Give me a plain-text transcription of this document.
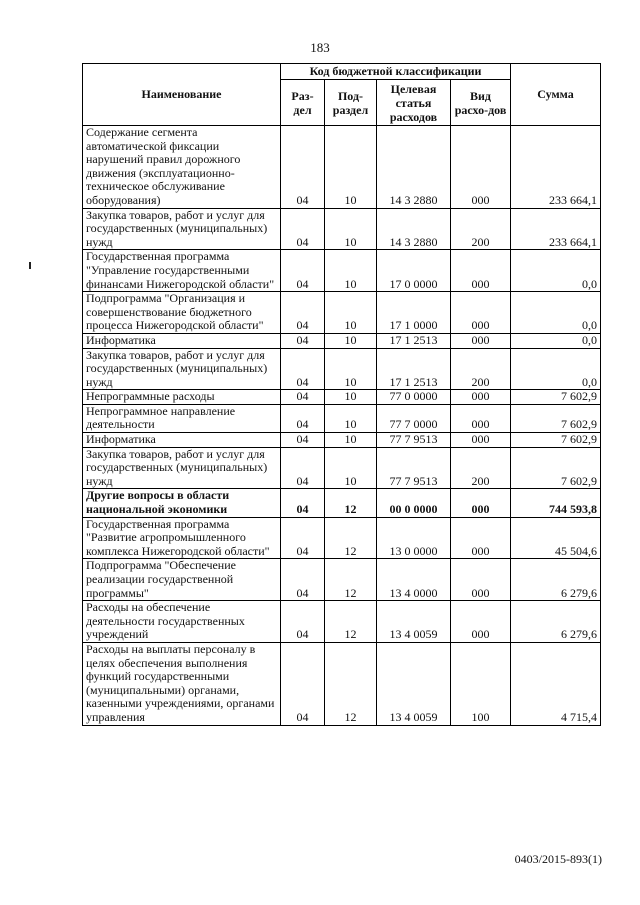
183
Наименование	Код бюджетной классификации				Сумма
	Раз-дел	Под-раздел	Целевая статья расходов	Вид расхо-дов	
Содержание сегмента автоматической фиксации нарушений правил дорожного движения (эксплуатационно-техническое обслуживание оборудования)	04	10	14 3 2880	000	233 664,1
Закупка товаров, работ и услуг для государственных (муниципальных) нужд	04	10	14 3 2880	200	233 664,1
Государственная программа "Управление государственными финансами Нижегородской области"	04	10	17 0 0000	000	0,0
Подпрограмма "Организация и совершенствование бюджетного процесса Нижегородской области"	04	10	17 1 0000	000	0,0
Информатика	04	10	17 1 2513	000	0,0
Закупка товаров, работ и услуг для государственных (муниципальных) нужд	04	10	17 1 2513	200	0,0
Непрограммные расходы	04	10	77 0 0000	000	7 602,9
Непрограммное направление деятельности	04	10	77 7 0000	000	7 602,9
Информатика	04	10	77 7 9513	000	7 602,9
Закупка товаров, работ и услуг для государственных (муниципальных) нужд	04	10	77 7 9513	200	7 602,9
Другие вопросы в области национальной экономики	04	12	00 0 0000	000	744 593,8
Государственная программа "Развитие агропромышленного комплекса Нижегородской области"	04	12	13 0 0000	000	45 504,6
Подпрограмма "Обеспечение реализации государственной программы"	04	12	13 4 0000	000	6 279,6
Расходы на обеспечение деятельности государственных учреждений	04	12	13 4 0059	000	6 279,6
Расходы на выплаты персоналу в целях обеспечения выполнения функций государственными (муниципальными) органами, казенными учреждениями, органами управления	04	12	13 4 0059	100	4 715,4
0403/2015-893(1)
